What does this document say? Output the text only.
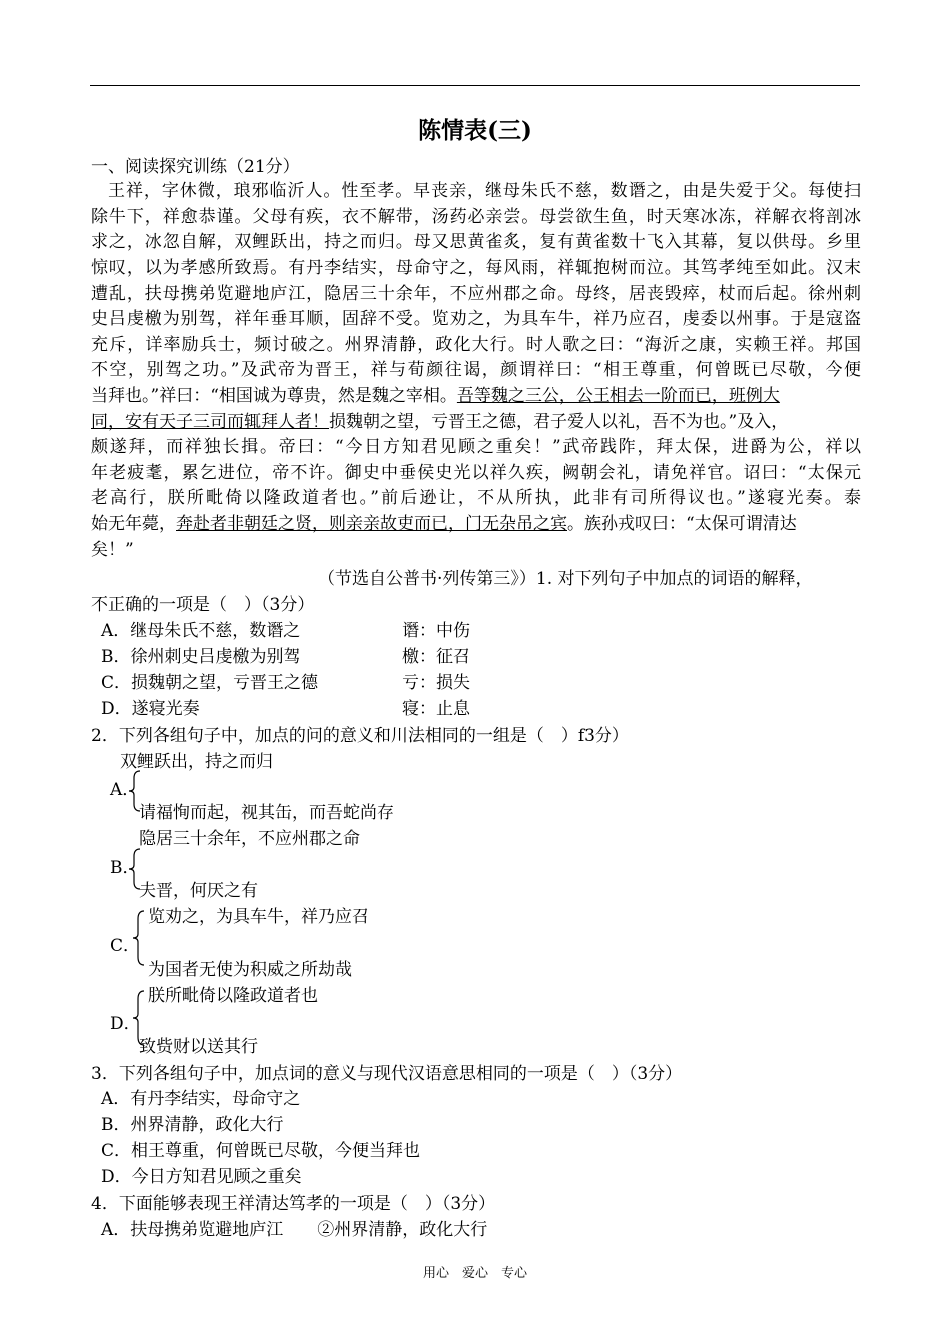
陈情表(三)
一、阅读探究训练（21分）
王祥，字休微，琅邪临沂人。性至孝。早丧亲，继母朱氏不慈，数谮之，由是失爱于父。每使扫
除牛下，祥愈恭谨。父母有疾，衣不解带，汤药必亲尝。母尝欲生鱼，时天寒冰冻，祥解衣将剖冰
求之，冰忽自解，双鲤跃出，持之而归。母又思黄雀炙，复有黄雀数十飞入其幕，复以供母。乡里
惊叹，以为孝感所致焉。有丹李结实，母命守之，每风雨，祥辄抱树而泣。其笃孝纯至如此。汉末
遭乱，扶母携弟览避地庐江，隐居三十余年，不应州郡之命。母终，居丧毁瘁，杖而后起。徐州刺
史吕虔檄为别驾，祥年垂耳顺，固辞不受。览劝之，为具车牛，祥乃应召，虔委以州事。于是寇盗
充斥，详率励兵士，频讨破之。州界清静，政化大行。时人歌之曰：“海沂之康，实赖王祥。邦国
不空，别驾之功。”及武帝为晋王，祥与荀颜往谒，颜谓祥曰：“相王尊重，何曾既已尽敬，今便
当拜也。”祥曰：“相国诚为尊贵，然是魏之宰相。吾等魏之三公，公王相去一阶而已，班例大
同，安有天子三司而辄拜人者！损魏朝之望，亏晋王之德，君子爱人以礼，吾不为也。”及入，
颇遂拜，而祥独长揖。帝曰：“今日方知君见顾之重矣！”武帝践阼，拜太保，进爵为公，祥以
年老疲耄，累乞进位，帝不许。御史中垂侯史光以祥久疾，阙朝会礼，请免祥官。诏曰：“太保元
老高行，朕所毗倚以隆政道者也。”前后逊让，不从所执，此非有司所得议也。”遂寝光奏。泰
始无年薨，奔赴者非朝廷之贤，则亲亲故吏而已，门无杂吊之宾。族孙戎叹曰：“太保可谓清达
矣！”
（节选自公普书·列传第三》）1. 对下列句子中加点的词语的解释，
不正确的一项是（　）（3分）
A．继母朱氏不慈，数谮之	谮：中伤
B．徐州刺史吕虔檄为别驾	檄：征召
C．损魏朝之望，亏晋王之德	亏：损失
D．遂寝光奏	寝：止息
2．下列各组句子中，加点的问的意义和川法相同的一组是（　）f3分）
双鲤跃出，持之而归
A．
请福恂而起，视其缶，而吾蛇尚存
隐居三十余年，不应州郡之命
B．
夫晋，何厌之有
览劝之，为具车牛，祥乃应召
C．
为国者无使为积威之所劫哉
朕所毗倚以隆政道者也
D．
致赀财以送其行
3．下列各组句子中，加点词的意义与现代汉语意思相同的一项是（　）（3分）
A．有丹李结实，母命守之
B．州界清静，政化大行
C．相王尊重，何曾既已尽敬，今便当拜也
D．今日方知君见顾之重矣
4．下面能够表现王祥清达笃孝的一项是（　）（3分）
A．扶母携弟览避地庐江　　②州界清静，政化大行
用心　爱心　专心
